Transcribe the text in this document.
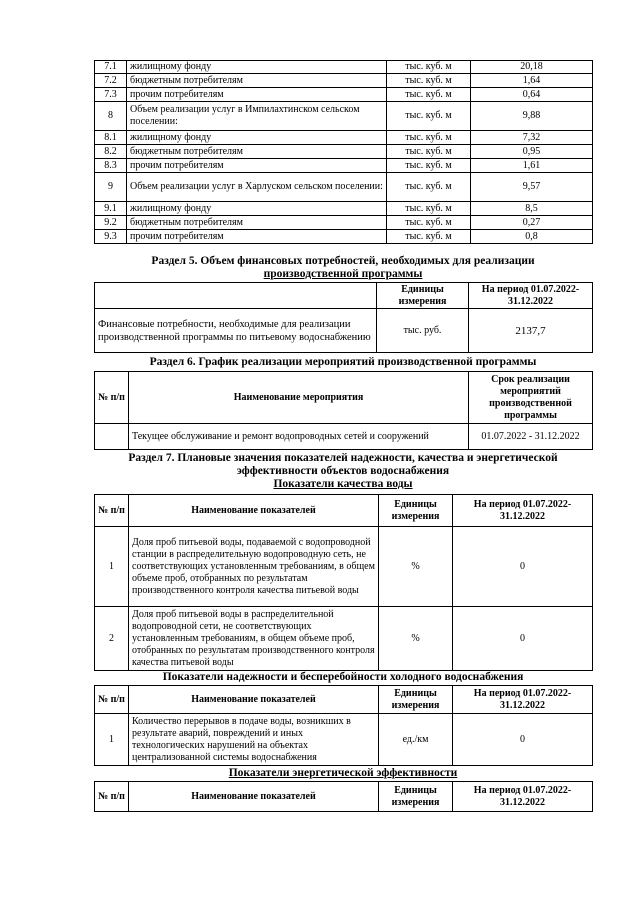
7.1	жилищному фонду	тыс. куб. м	20,18
7.2	бюджетным потребителям	тыс. куб. м	1,64
7.3	прочим потребителям	тыс. куб. м	0,64
8	Объем реализации услуг в Импилахтинском сельском поселении:	тыс. куб. м	9,88
8.1	жилищному фонду	тыс. куб. м	7,32
8.2	бюджетным потребителям	тыс. куб. м	0,95
8.3	прочим потребителям	тыс. куб. м	1,61
9	Объем реализации услуг в Харлуском сельском поселении:	тыс. куб. м	9,57
9.1	жилищному фонду	тыс. куб. м	8,5
9.2	бюджетным потребителям	тыс. куб. м	0,27
9.3	прочим потребителям	тыс. куб. м	0,8
Раздел 5. Объем финансовых потребностей, необходимых для реализации
производственной программы
	Единицы измерения	На период 01.07.2022-31.12.2022
Финансовые потребности, необходимые для реализации производственной программы по питьевому водоснабжению	тыс. руб.	2137,7
Раздел 6. График реализации мероприятий производственной программы
№ п/п	Наименование мероприятия	Срок реализации мероприятий производственной программы
	Текущее обслуживание и ремонт водопроводных сетей и сооружений	01.07.2022 - 31.12.2022
Раздел 7. Плановые значения показателей надежности, качества и энергетической
эффективности объектов водоснабжения
Показатели качества воды
№ п/п	Наименование показателей	Единицы измерения	На период 01.07.2022-31.12.2022
1	Доля проб питьевой воды, подаваемой с водопроводной станции в распределительную водопроводную сеть, не соответствующих установленным требованиям, в общем объеме проб, отобранных по результатам производственного контроля качества питьевой воды	%	0
2	Доля проб питьевой воды в распределительной водопроводной сети, не соответствующих установленным требованиям, в общем объеме проб, отобранных по результатам производственного контроля качества питьевой воды	%	0
Показатели надежности и бесперебойности холодного водоснабжения
№ п/п	Наименование показателей	Единицы измерения	На период 01.07.2022-31.12.2022
1	Количество перерывов в подаче воды, возникших в результате аварий, повреждений и иных технологических нарушений на объектах централизованной системы водоснабжения	ед./км	0
Показатели энергетической эффективности
№ п/п	Наименование показателей	Единицы измерения	На период 01.07.2022-31.12.2022
